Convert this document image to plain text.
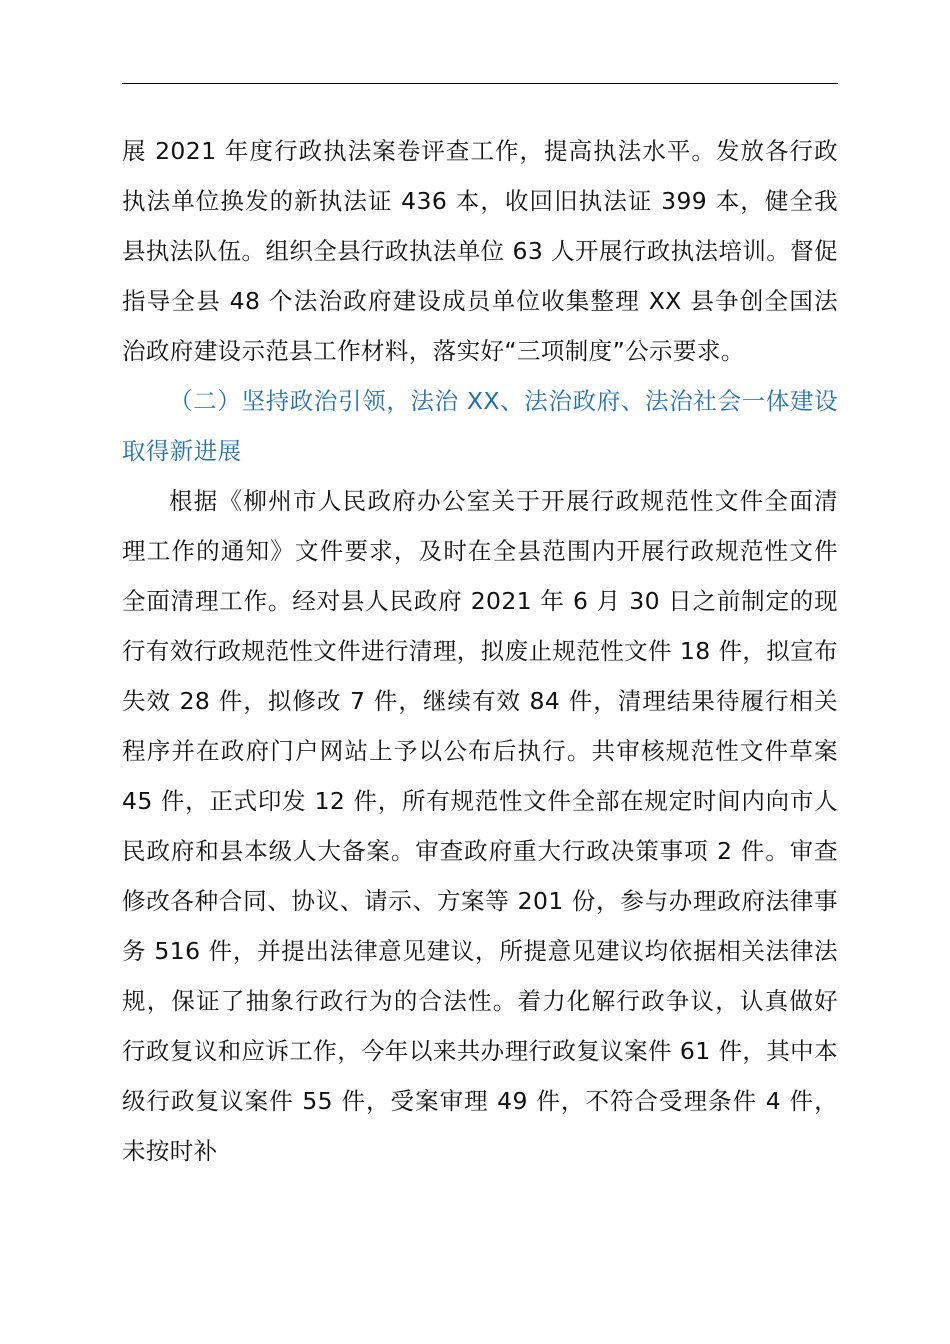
展 2021 年度行政执法案卷评查工作，提高执法水平。发放各行政执法单位换发的新执法证 436 本，收回旧执法证 399 本，健全我县执法队伍。组织全县行政执法单位 63 人开展行政执法培训。督促指导全县 48 个法治政府建设成员单位收集整理 XX 县争创全国法治政府建设示范县工作材料，落实好“三项制度”公示要求。

（二）坚持政治引领，法治 XX、法治政府、法治社会一体建设取得新进展

根据《柳州市人民政府办公室关于开展行政规范性文件全面清理工作的通知》文件要求，及时在全县范围内开展行政规范性文件全面清理工作。经对县人民政府 2021 年 6 月 30 日之前制定的现行有效行政规范性文件进行清理，拟废止规范性文件 18 件，拟宣布失效 28 件，拟修改 7 件，继续有效 84 件，清理结果待履行相关程序并在政府门户网站上予以公布后执行。共审核规范性文件草案 45 件，正式印发 12 件，所有规范性文件全部在规定时间内向市人民政府和县本级人大备案。审查政府重大行政决策事项 2 件。审查修改各种合同、协议、请示、方案等 201 份，参与办理政府法律事务 516 件，并提出法律意见建议，所提意见建议均依据相关法律法规，保证了抽象行政行为的合法性。着力化解行政争议，认真做好行政复议和应诉工作，今年以来共办理行政复议案件 61 件，其中本级行政复议案件 55 件，受案审理 49 件，不符合受理条件 4 件，未按时补
